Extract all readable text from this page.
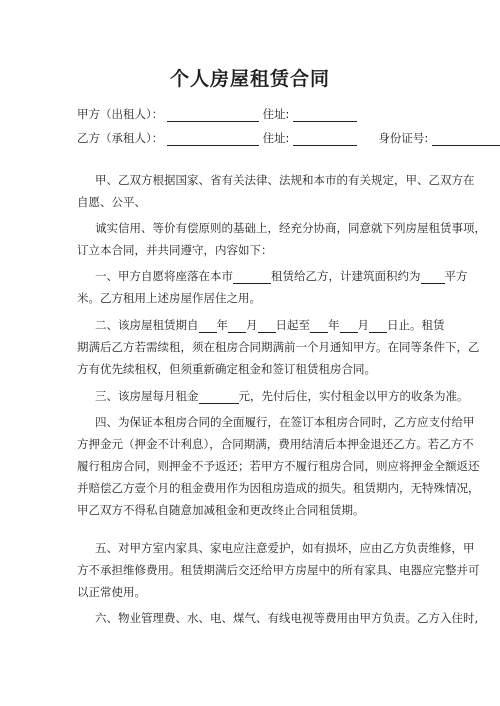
个人房屋租赁合同
甲方（出租人）：	住址:
乙方（承租人）：	住址:	身份证号:
甲、乙双方根据国家、省有关法律、法规和本市的有关规定，甲、乙双方在
自愿、公平、
诚实信用、等价有偿原则的基础上，经充分协商，同意就下列房屋租赁事项，
订立本合同，并共同遵守，内容如下：
一、甲方自愿将座落在本市	租赁给乙方，计建筑面积约为 平方
米。乙方租用上述房屋作居住之用。
二、该房屋租赁期自 年 月 日起至 年 月 日止。租赁
期满后乙方若需续租，须在租房合同期满前一个月通知甲方。在同等条件下，乙
方有优先续租权，但须重新确定租金和签订租赁租房合同。
三、该房屋每月租金	元，先付后住，实付租金以甲方的收条为准。
四、为保证本租房合同的全面履行，在签订本租房合同时，乙方应支付给甲
方押金元（押金不计利息），合同期满，费用结清后本押金退还乙方。若乙方不
履行租房合同，则押金不予返还；若甲方不履行租房合同，则应将押金全额返还
并赔偿乙方壹个月的租金费用作为因租房造成的损失。租赁期内，无特殊情况，
甲乙双方不得私自随意加减租金和更改终止合同租赁期。
五、对甲方室内家具、家电应注意爱护，如有损坏，应由乙方负责维修，甲
方不承担维修费用。租赁期满后交还给甲方房屋中的所有家具、电器应完整并可
以正常使用。
六、物业管理费、水、电、煤气、有线电视等费用由甲方负责。乙方入住时,
